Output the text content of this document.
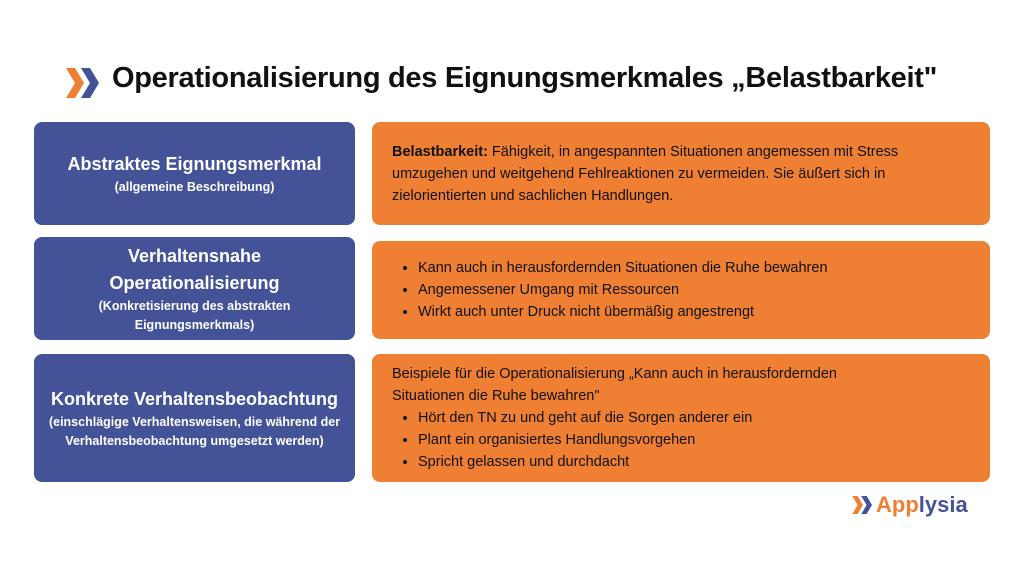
Operationalisierung des Eignungsmerkmales „Belastbarkeit"
Abstraktes Eignungsmerkmal
(allgemeine Beschreibung)
Belastbarkeit: Fähigkeit, in angespannten Situationen angemessen mit Stress umzugehen und weitgehend Fehlreaktionen zu vermeiden. Sie äußert sich in zielorientierten und sachlichen Handlungen.
Verhaltensnahe Operationalisierung
(Konkretisierung des abstrakten Eignungsmerkmals)
• Kann auch in herausfordernden Situationen die Ruhe bewahren
• Angemessener Umgang mit Ressourcen
• Wirkt auch unter Druck nicht übermäßig angestrengt
Konkrete Verhaltensbeobachtung
(einschlägige Verhaltensweisen, die während der Verhaltensbeobachtung umgesetzt werden)
Beispiele für die Operationalisierung „Kann auch in herausfordernden Situationen die Ruhe bewahren"
• Hört den TN zu und geht auf die Sorgen anderer ein
• Plant ein organisiertes Handlungsvorgehen
• Spricht gelassen und durchdacht
Applysia
